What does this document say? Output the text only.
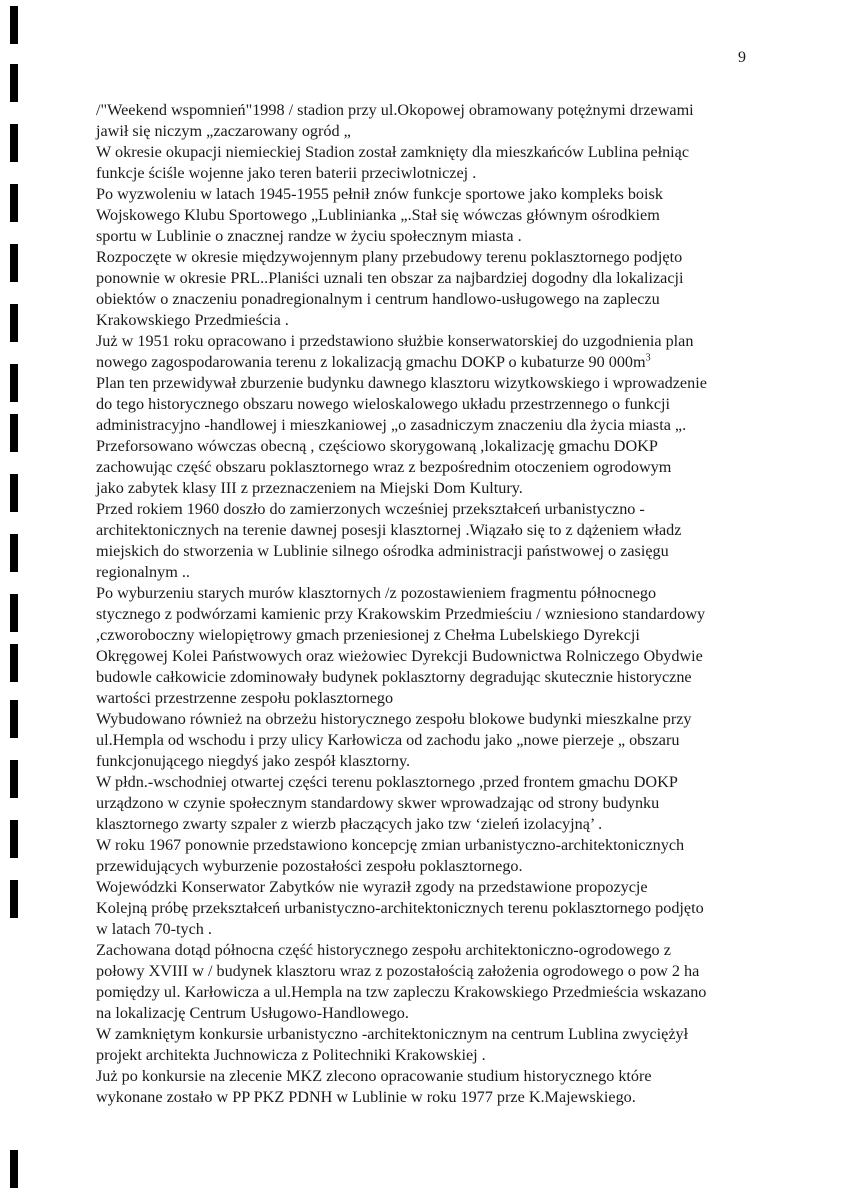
9
/"Weekend wspomnień"1998 / stadion przy ul.Okopowej obramowany potężnymi drzewami
jawił się niczym „zaczarowany ogród „
W okresie okupacji niemieckiej Stadion został zamknięty dla mieszkańców Lublina pełniąc
funkcje ściśle wojenne jako teren baterii przeciwlotniczej .
Po wyzwoleniu w latach 1945-1955 pełnił znów funkcje sportowe jako kompleks boisk
Wojskowego Klubu Sportowego „Lublinianka „.Stał się wówczas głównym ośrodkiem
sportu w Lublinie o znacznej randze w życiu społecznym miasta .
Rozpoczęte w okresie międzywojennym plany przebudowy terenu poklasztornego podjęto
ponownie w okresie PRL..Planiści uznali ten obszar za najbardziej dogodny dla lokalizacji
obiektów o znaczeniu ponadregionalnym i centrum handlowo-usługowego na zapleczu
Krakowskiego Przedmieścia .
Już w 1951 roku opracowano i przedstawiono służbie konserwatorskiej do uzgodnienia plan
nowego zagospodarowania terenu z lokalizacją gmachu DOKP o kubaturze 90 $000m^3$
Plan ten przewidywał zburzenie budynku dawnego klasztoru wizytkowskiego i wprowadzenie
do tego historycznego obszaru nowego wieloskalowego układu przestrzennego o funkcji
administracyjno -handlowej i mieszkaniowej „o zasadniczym znaczeniu dla życia miasta „.
Przeforsowano wówczas obecną , częściowo skorygowaną ,lokalizację gmachu DOKP
zachowując część obszaru poklasztornego wraz z bezpośrednim otoczeniem ogrodowym
jako zabytek klasy III z przeznaczeniem na Miejski Dom Kultury.
Przed rokiem 1960 doszło do zamierzonych wcześniej przekształceń urbanistyczno -
architektonicznych na terenie dawnej posesji klasztornej .Wiązało się to z dążeniem władz
miejskich do stworzenia w Lublinie silnego ośrodka administracji państwowej o zasięgu
regionalnym ..
Po wyburzeniu starych murów klasztornych /z pozostawieniem fragmentu północnego
stycznego z podwórzami kamienic przy Krakowskim Przedmieściu / wzniesiono standardowy
,czworoboczny wielopiętrowy gmach przeniesionej z Chełma Lubelskiego Dyrekcji
Okręgowej Kolei Państwowych oraz wieżowiec Dyrekcji Budownictwa Rolniczego Obydwie
budowle całkowicie zdominowały budynek poklasztorny degradując skutecznie historyczne
wartości przestrzenne zespołu poklasztornego
Wybudowano również na obrzeżu historycznego zespołu blokowe budynki mieszkalne przy
ul.Hempla od wschodu i przy ulicy Karłowicza od zachodu jako „nowe pierzeje „ obszaru
funkcjonującego niegdyś jako zespół klasztorny.
W płdn.-wschodniej otwartej części terenu poklasztornego ,przed frontem gmachu DOKP
urządzono w czynie społecznym standardowy skwer wprowadzając od strony budynku
klasztornego zwarty szpaler z wierzb płaczących jako tzw ‘zieleń izolacyjną’ .
W roku 1967 ponownie przedstawiono koncepcję zmian urbanistyczno-architektonicznych
przewidujących wyburzenie pozostałości zespołu poklasztornego.
Wojewódzki Konserwator Zabytków nie wyraził zgody na przedstawione propozycje
Kolejną próbę przekształceń urbanistyczno-architektonicznych terenu poklasztornego podjęto
w latach 70-tych .
Zachowana dotąd północna część historycznego zespołu architektoniczno-ogrodowego z
połowy XVIII w / budynek klasztoru wraz z pozostałością założenia ogrodowego o pow 2 ha
pomiędzy ul. Karłowicza a ul.Hempla na tzw zapleczu Krakowskiego Przedmieścia wskazano
na lokalizację Centrum Usługowo-Handlowego.
W zamkniętym konkursie urbanistyczno -architektonicznym na centrum Lublina zwyciężył
projekt architekta Juchnowicza z Politechniki Krakowskiej .
Już po konkursie na zlecenie MKZ zlecono opracowanie studium historycznego które
wykonane zostało w PP PKZ PDNH w Lublinie w roku 1977 prze K.Majewskiego.
